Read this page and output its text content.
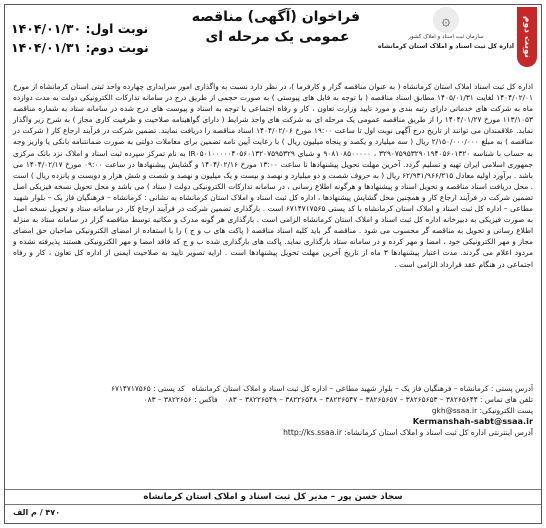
نوبت دوم
۞
سازمان ثبت اسناد و املاک کشور
اداره کل ثبت اسناد و املاک استان کرمانشاه
فراخوان (آگهی) مناقصه
عمومی یک مرحله ای
نوبت اول: ۱۴۰۴/۰۱/۳۰
نوبت دوم: ۱۴۰۴/۰۱/۳۱

اداره کل ثبت اسناد املاک استان کرمانشاه ( به عنوان مناقصه گزار و کارفرما )، در نظر دارد نسبت به واگذاری امور سرایداری چهارده واحد ثبتی استان کرمانشاه از مورخ ۱۴۰۴/۰۲/۰۱ لغایت ۱۴۰۵/۰۱/۳۱ مطابق اسناد مناقصه ( با توجه به فایل های پیوستی ) به صورت حجمی از طریق درج در سامانه تدارکات الکترونیکی دولت به مدت دوازده ماه به شرکت های خدماتی دارای رتبه بندی و مورد تایید وزارت تعاون ، کار و رفاه اجتماعی با توجه به اسناد و پیوست های درج شده در سامانه ستاد به شماره مناقصه ۱۱۳/۱۰۵۳ مورخ ۱۴۰۴/۰۱/۲۷ را از طریق مناقصه عمومی یک مرحله ای به شرکت های واجد شرایط ( دارای گواهینامه صلاحیت و ظرفیت کاری مجاز ) به شرح زیر واگذار نماید. علاقمندان می توانند از تاریخ درج آگهی نوبت اول تا ساعت ۱۹:۰۰ مورخ ۱۴۰۴/۰۲/۰۶ اسناد مناقصه را دریافت نمایند. تضمین شرکت در فرآیند ارجاع کار ( شرکت در مناقصه ) به مبلغ ۲/۱۵۰/۰۰۰/۰۰۰ ریال ( سه میلیارد و یکصد و پنجاه میلیون ریال ) با رعایت آیین نامه تضمین برای معاملات دولتی به صورت ضمانتنامه بانکی یا واریز وجه به حساب با شناسه ۳۲۹۰۷۵۹۵۳۲۹۰۱۹۴۰۵۶۰۱۳۲۰ ، ۹۰۸۱۰۸۵۰۰۰۰۰ و شبای IR۰۵۰۱۰۰۰۰۰۴۰۵۶۰۱۳۲۰۷۵۹۵۳۲۹ به نام تمرکز سپرده ثبت اسناد و املاک نزد بانک مرکزی جمهوری اسلامی ایران تهیه و تسلیم گردد. آخرین مهلت تحویل پیشنهادها تا ساعت ۱۳:۰۰ مورخ ۱۴۰۴/۰۲/۱۶ و گشایش پیشنهادها در ساعت ۰۹:۰۰ مورخ ۱۴۰۴/۰۲/۱۷ می باشد . برآورد اولیه معادل ۶۲/۹۳۱/۹۶۶/۲۱۵ ریال ( به حروف شصت و دو میلیارد و نهصد و بیست و یک میلیون و نهصد و شصت و شش هزار و دویست و پانزده ریال ) است . محل دریافت اسناد مناقصه و تحویل اسناد و پیشنهادها و هرگونه اطلاع رسانی ، در سامانه تدارکات الکترونیکی دولت ( ستاد ) می باشد و محل تحویل نسخه فیزیکی اصل تضمین شرکت در فرآیند ارجاع کار و همچنین محل گشایش پیشنهادها ، اداره کل ثبت اسناد و املاک استان کرمانشاه به نشانی : کرمانشاه – فرهنگیان فاز یک – بلوار شهید مطاعی – اداره کل ثبت اسناد و املاک استان کرمانشاه با کد پستی ۶۷۱۴۷۱۷۵۶۵ است . بارگذاری تضمین شرکت در فرآیند ارجاع کار در سامانه ستاد و تحویل نسخه اصل به صورت فیزیکی به دبیرخانه اداره کل ثبت اسناد و املاک استان کرمانشاه الزامی است . بارگذاری هر گونه مدرک و مکاتبه توسط مناقصه گزار در سامانه ستاد به منزله اطلاع رسانی و تحویل به مناقصه گر محسوب می شود . مناقصه گر باید کلیه اسناد مناقصه ( پاکت های ب و ج ) را با استفاده از امضای الکترونیکی صاحبان حق امضای مجاز و مهر الکترونیکی خود ، امضا و مهر کرده و در سامانه ستاد بارگذاری نماید. پاکت های بارگذاری شده ب و ج که فاقد امضا و مهر الکترونیکی هستند پذیرفته نشده و مردود اعلام می گردند. مدت اعتبار پیشنهادها ۳ ماه از تاریخ آخرین مهلت تحویل پیشنهادها است . ارایه تصویر تایید به صلاحیت ایمنی از اداره کل تعاون ، کار و رفاه اجتماعی در هنگام عقد قرارداد الزامی است .

آدرس پستی : کرمانشاه – فرهنگیان فاز یک – بلوار شهید مطاعی – اداره کل ثبت اسناد و املاک استان کرمانشاه   کد پستی : ۶۷۱۴۷۱۷۵۶۵
تلفن های تماس : ۳۸۲۶۵۶۴۴ – ۳۸۲۶۵۶۵۳ – ۳۸۲۶۵۶۵۷ – ۳۸۲۲۶۵۴۷ – ۳۸۲۲۶۵۴۸ – ۳۸۲۲۶۵۴۹ – ۰۸۳   فاکس : ۳۸۲۲۶۵۶ – ۰۸۳
پست الکترونیکی: gkh@ssaa.ir
Kermanshah-sabt@ssaa.ir
آدرس اینترنتی اداره کل ثبت اسناد و املاک استان کرمانشاه: http://ks.ssaa.ir
سجاد حسن پور – مدیر کل ثبت اسناد و املاک استان کرمانشاه
۴۷۰ / م الف
